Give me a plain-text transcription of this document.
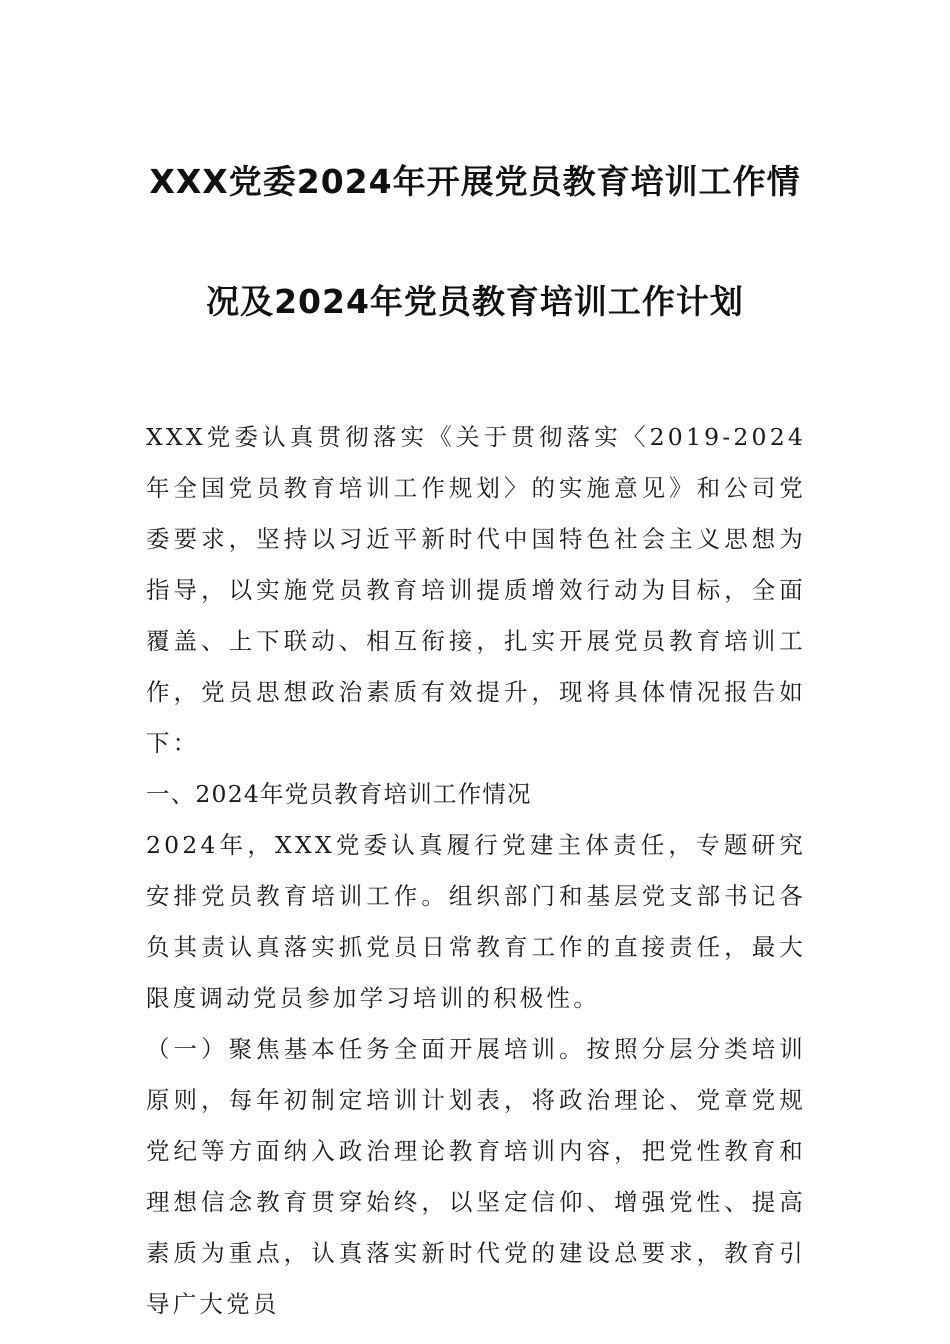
XXX党委2024年开展党员教育培训工作情
况及2024年党员教育培训工作计划

XXX党委认真贯彻落实《关于贯彻落实〈2019-2024年全国党员教育培训工作规划〉的实施意见》和公司党委要求，坚持以习近平新时代中国特色社会主义思想为指导，以实施党员教育培训提质增效行动为目标，全面覆盖、上下联动、相互衔接，扎实开展党员教育培训工作，党员思想政治素质有效提升，现将具体情况报告如下：

一、2024年党员教育培训工作情况

2024年，XXX党委认真履行党建主体责任，专题研究安排党员教育培训工作。组织部门和基层党支部书记各负其责认真落实抓党员日常教育工作的直接责任，最大限度调动党员参加学习培训的积极性。

（一）聚焦基本任务全面开展培训。按照分层分类培训原则，每年初制定培训计划表，将政治理论、党章党规党纪等方面纳入政治理论教育培训内容，把党性教育和理想信念教育贯穿始终，以坚定信仰、增强党性、提高素质为重点，认真落实新时代党的建设总要求，教育引导广大党员
